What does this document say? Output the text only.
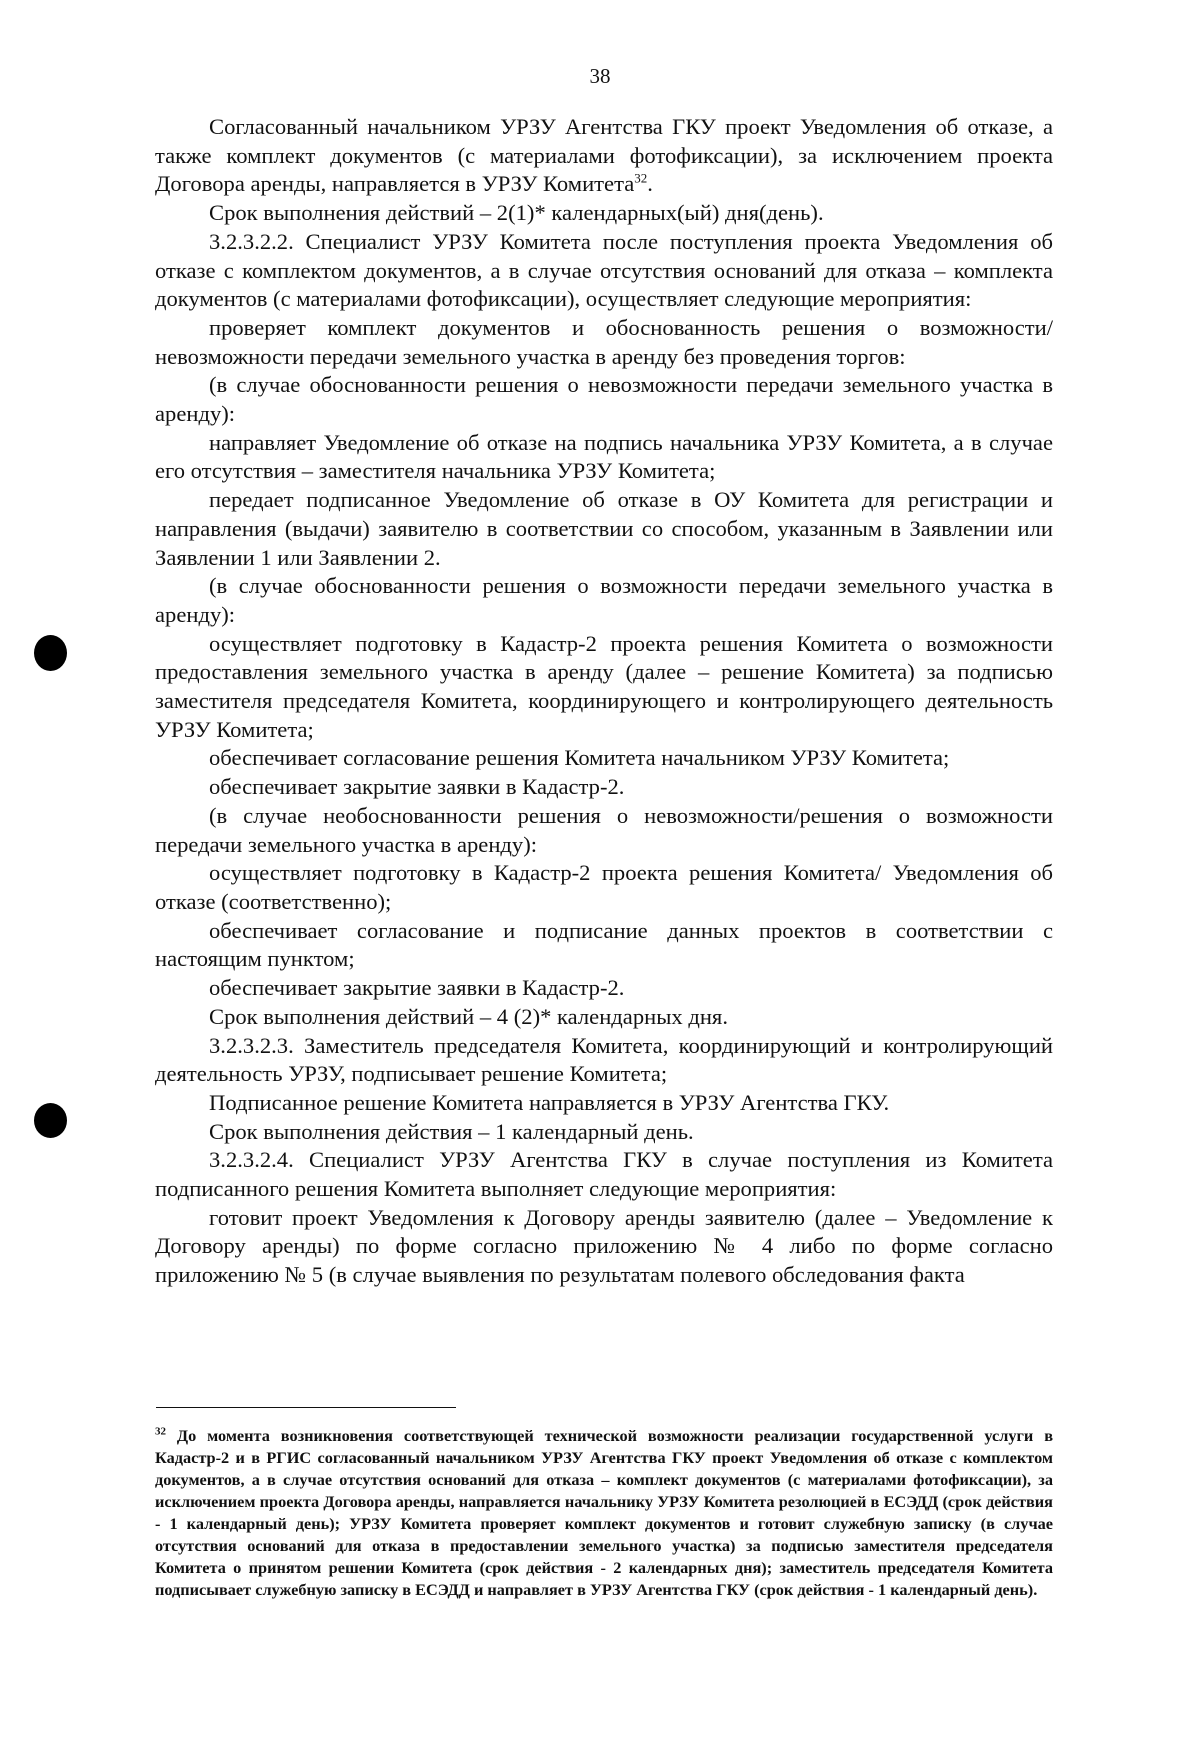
38

Согласованный начальником УРЗУ Агентства ГКУ проект Уведомления об отказе, а также комплект документов (с материалами фотофиксации), за исключением проекта Договора аренды, направляется в УРЗУ Комитета$^{32}$.

Срок выполнения действий – 2(1)* календарных(ый) дня(день).

3.2.3.2.2. Специалист УРЗУ Комитета после поступления проекта Уведомления об отказе с комплектом документов, а в случае отсутствия оснований для отказа – комплекта документов (с материалами фотофиксации), осуществляет следующие мероприятия:

проверяет комплект документов и обоснованность решения о возможности/невозможности передачи земельного участка в аренду без проведения торгов:

(в случае обоснованности решения о невозможности передачи земельного участка в аренду):

направляет Уведомление об отказе на подпись начальника УРЗУ Комитета, а в случае его отсутствия – заместителя начальника УРЗУ Комитета;

передает подписанное Уведомление об отказе в ОУ Комитета для регистрации и направления (выдачи) заявителю в соответствии со способом, указанным в Заявлении или Заявлении 1 или Заявлении 2.

(в случае обоснованности решения о возможности передачи земельного участка в аренду):

осуществляет подготовку в Кадастр-2 проекта решения Комитета о возможности предоставления земельного участка в аренду (далее – решение Комитета) за подписью заместителя председателя Комитета, координирующего и контролирующего деятельность УРЗУ Комитета;

обеспечивает согласование решения Комитета начальником УРЗУ Комитета;

обеспечивает закрытие заявки в Кадастр-2.

(в случае необоснованности решения о невозможности/решения о возможности передачи земельного участка в аренду):

осуществляет подготовку в Кадастр-2 проекта решения Комитета/ Уведомления об отказе (соответственно);

обеспечивает согласование и подписание данных проектов в соответствии с настоящим пунктом;

обеспечивает закрытие заявки в Кадастр-2.

Срок выполнения действий – 4 (2)* календарных дня.

3.2.3.2.3. Заместитель председателя Комитета, координирующий и контролирующий деятельность УРЗУ, подписывает решение Комитета;

Подписанное решение Комитета направляется в УРЗУ Агентства ГКУ.

Срок выполнения действия – 1 календарный день.

3.2.3.2.4. Специалист УРЗУ Агентства ГКУ в случае поступления из Комитета подписанного решения Комитета выполняет следующие мероприятия:

готовит проект Уведомления к Договору аренды заявителю (далее – Уведомление к Договору аренды) по форме согласно приложению № 4 либо по форме согласно приложению № 5 (в случае выявления по результатам полевого обследования факта

$^{32}$ До момента возникновения соответствующей технической возможности реализации государственной услуги в Кадастр-2 и в РГИС согласованный начальником УРЗУ Агентства ГКУ проект Уведомления об отказе с комплектом документов, а в случае отсутствия оснований для отказа – комплект документов (с материалами фотофиксации), за исключением проекта Договора аренды, направляется начальнику УРЗУ Комитета резолюцией в ЕСЭДД (срок действия - 1 календарный день); УРЗУ Комитета проверяет комплект документов и готовит служебную записку (в случае отсутствия оснований для отказа в предоставлении земельного участка) за подписью заместителя председателя Комитета о принятом решении Комитета (срок действия - 2 календарных дня); заместитель председателя Комитета подписывает служебную записку в ЕСЭДД и направляет в УРЗУ Агентства ГКУ (срок действия - 1 календарный день).
